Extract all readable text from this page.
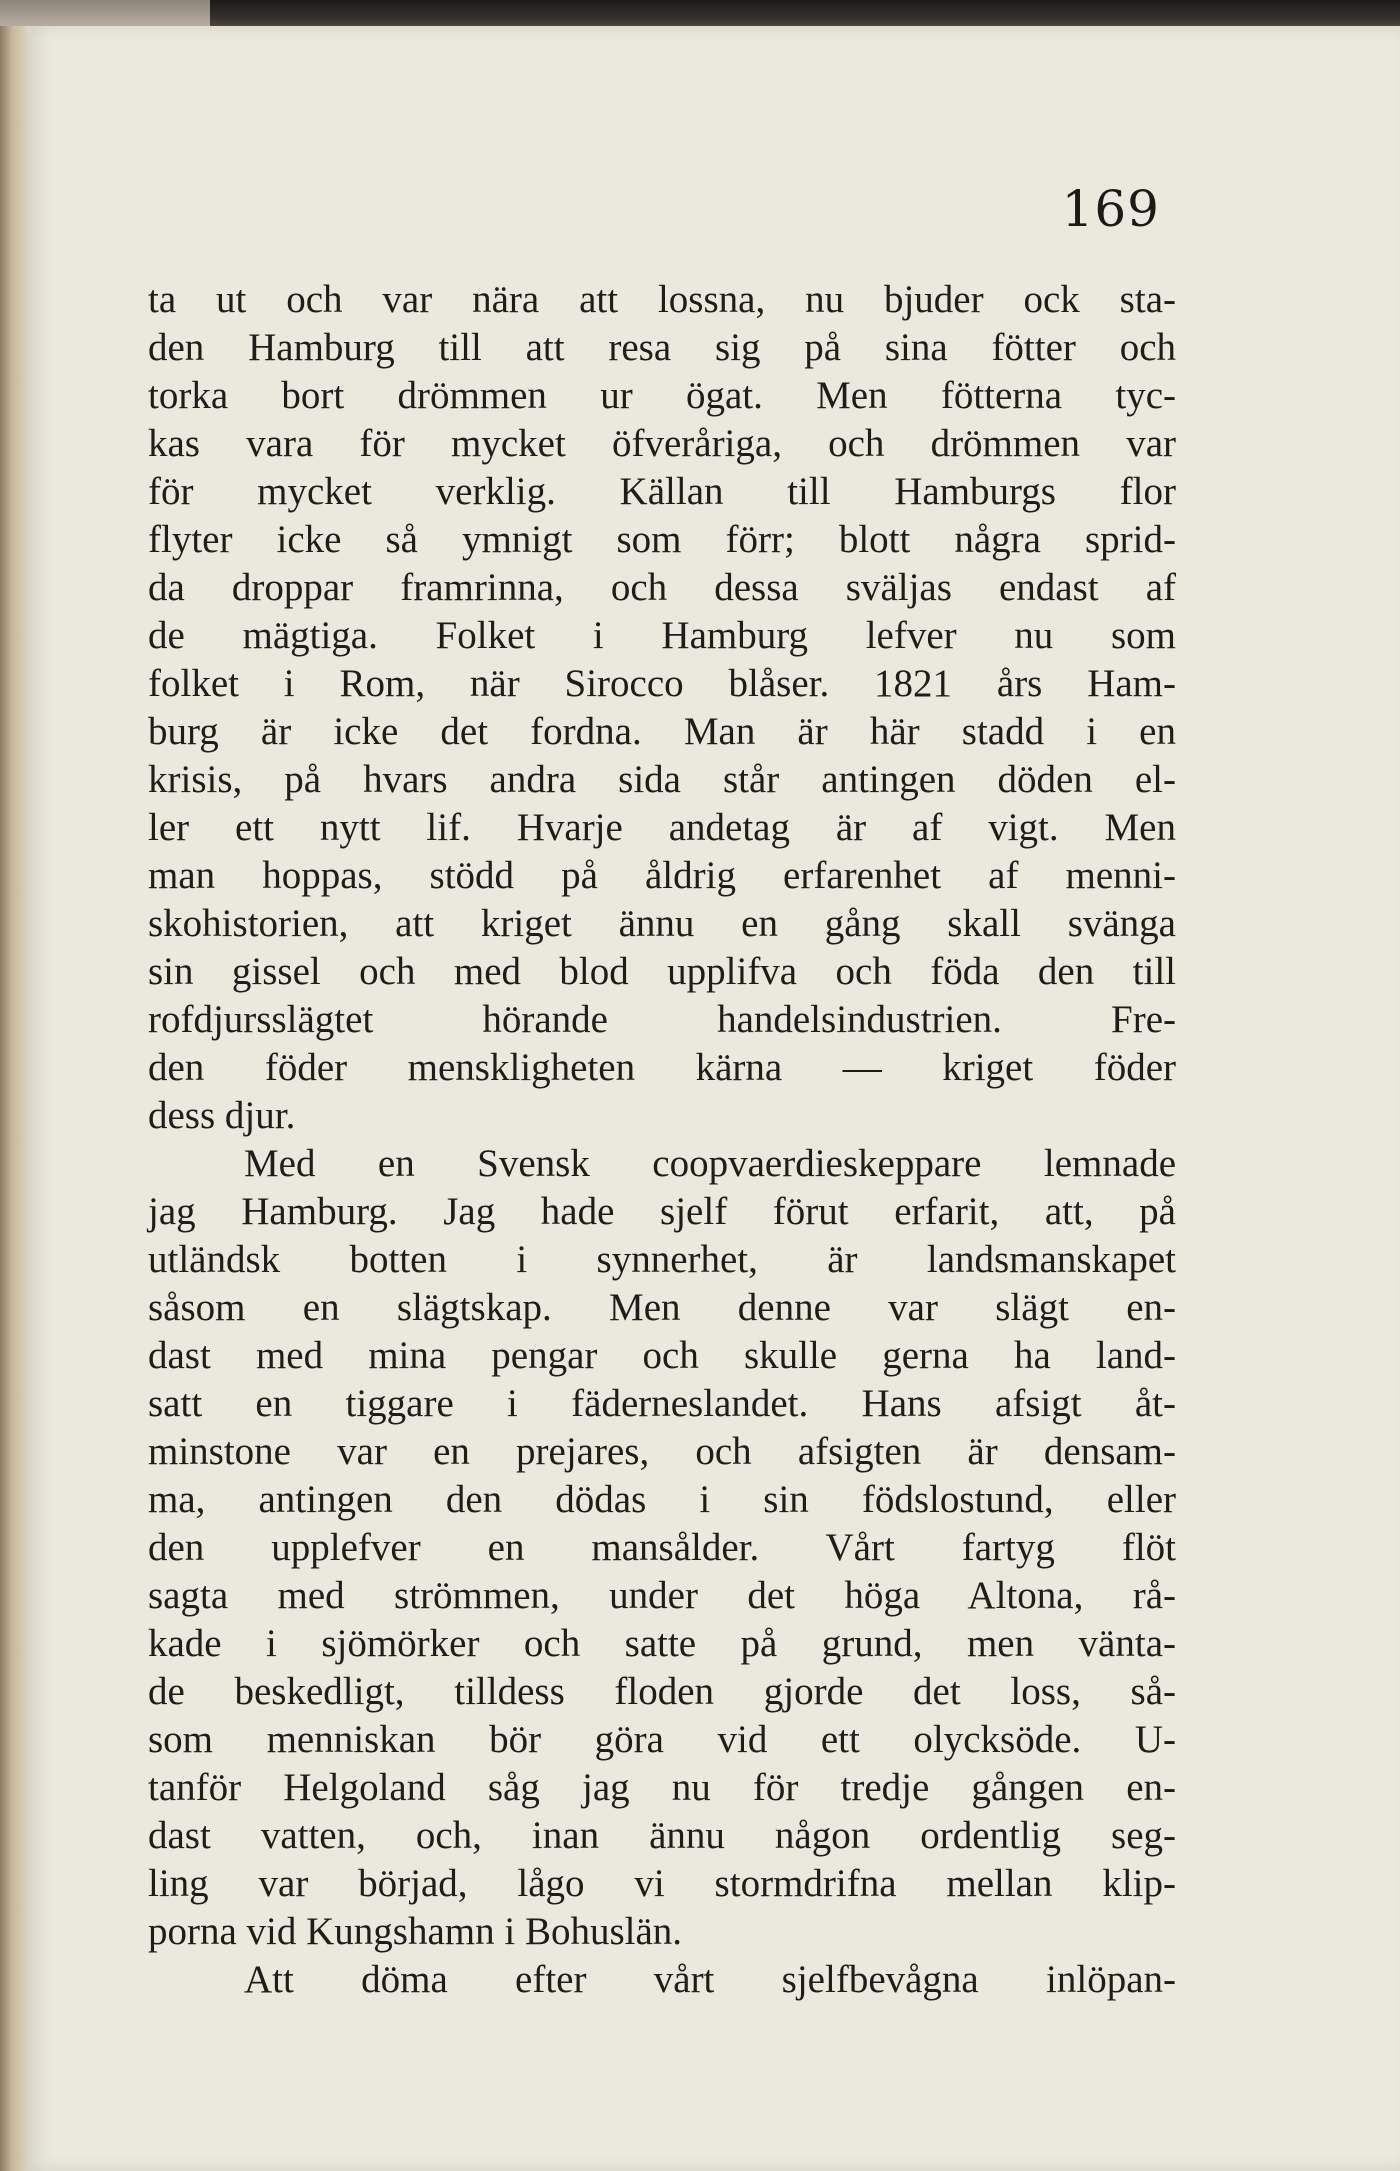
169
ta ut och var nära att lossna, nu bjuder ock sta-
den Hamburg till att resa sig på sina fötter och
torka bort drömmen ur ögat. Men fötterna tyc-
kas vara för mycket öfveråriga, och drömmen var
för mycket verklig. Källan till Hamburgs flor
flyter icke så ymnigt som förr; blott några sprid-
da droppar framrinna, och dessa sväljas endast af
de mägtiga. Folket i Hamburg lefver nu som
folket i Rom, när Sirocco blåser. 1821 års Ham-
burg är icke det fordna. Man är här stadd i en
krisis, på hvars andra sida står antingen döden el-
ler ett nytt lif. Hvarje andetag är af vigt. Men
man hoppas, stödd på åldrig erfarenhet af menni-
skohistorien, att kriget ännu en gång skall svänga
sin gissel och med blod upplifva och föda den till
rofdjursslägtet hörande handelsindustrien. Fre-
den föder menskligheten kärna — kriget föder
dess djur.
Med en Svensk coopvaerdieskeppare lemnade
jag Hamburg. Jag hade sjelf förut erfarit, att, på
utländsk botten i synnerhet, är landsmanskapet
såsom en slägtskap. Men denne var slägt en-
dast med mina pengar och skulle gerna ha land-
satt en tiggare i fäderneslandet. Hans afsigt åt-
minstone var en prejares, och afsigten är densam-
ma, antingen den dödas i sin födslostund, eller
den upplefver en mansålder. Vårt fartyg flöt
sagta med strömmen, under det höga Altona, rå-
kade i sjömörker och satte på grund, men vänta-
de beskedligt, tilldess floden gjorde det loss, så-
som menniskan bör göra vid ett olycksöde. U-
tanför Helgoland såg jag nu för tredje gången en-
dast vatten, och, inan ännu någon ordentlig seg-
ling var börjad, lågo vi stormdrifna mellan klip-
porna vid Kungshamn i Bohuslän.
Att döma efter vårt sjelfbevågna inlöpan-
